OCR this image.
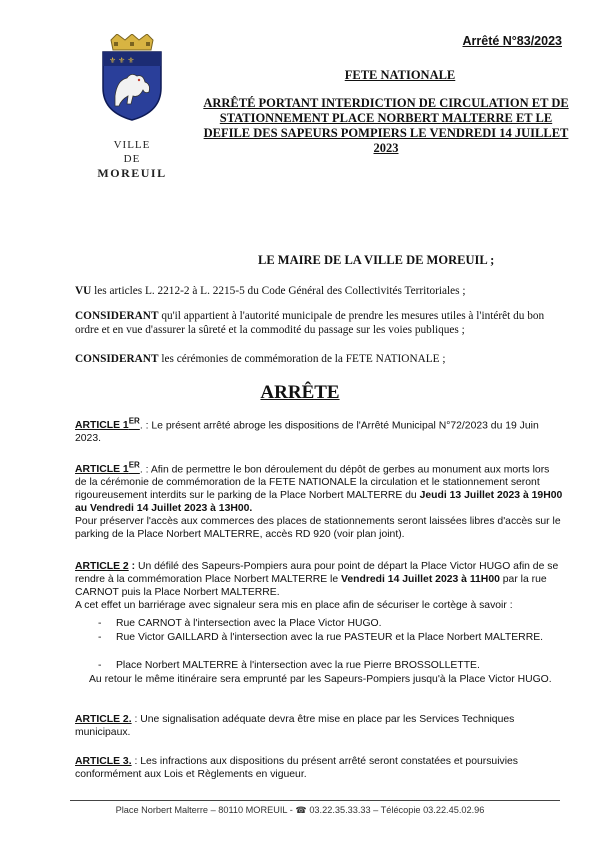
Arrêté N°83/2023
⚜ ⚜ ⚜
VILLE
DE
MOREUIL
FETE NATIONALE
ARRÊTÉ PORTANT INTERDICTION DE CIRCULATION ET DE STATIONNEMENT PLACE NORBERT MALTERRE ET LE DEFILE DES SAPEURS POMPIERS LE VENDREDI 14 JUILLET 2023
LE MAIRE DE LA VILLE DE MOREUIL ;
VU les articles L. 2212-2 à L. 2215-5 du Code Général des Collectivités Territoriales ;
CONSIDERANT qu'il appartient à l'autorité municipale de prendre les mesures utiles à l'intérêt du bon ordre et en vue d'assurer la sûreté et la commodité du passage sur les voies publiques ;
CONSIDERANT les cérémonies de commémoration de la FETE NATIONALE ;
ARRÊTE
ARTICLE 1ER. : Le présent arrêté abroge les dispositions de l'Arrêté Municipal N°72/2023 du 19 Juin 2023.
ARTICLE 1ER. : Afin de permettre le bon déroulement du dépôt de gerbes au monument aux morts lors de la cérémonie de commémoration de la FETE NATIONALE la circulation et le stationnement seront rigoureusement interdits sur le parking de la Place Norbert MALTERRE du Jeudi 13 Juillet 2023 à 19H00 au Vendredi 14 Juillet 2023 à 13H00.
Pour préserver l'accès aux commerces des places de stationnements seront laissées libres d'accès sur le parking de la Place Norbert MALTERRE, accès RD 920 (voir plan joint).
ARTICLE 2 : Un défilé des Sapeurs-Pompiers aura pour point de départ la Place Victor HUGO afin de se rendre à la commémoration Place Norbert MALTERRE le Vendredi 14 Juillet 2023 à 11H00 par la rue CARNOT puis la Place Norbert MALTERRE.
A cet effet un barriérage avec signaleur sera mis en place afin de sécuriser le cortège à savoir :
- Rue CARNOT à l'intersection avec la Place Victor HUGO.
- Rue Victor GAILLARD à l'intersection avec la rue PASTEUR et la Place Norbert MALTERRE.
- Place Norbert MALTERRE à l'intersection avec la rue Pierre BROSSOLLETTE.
Au retour le même itinéraire sera emprunté par les Sapeurs-Pompiers jusqu'à la Place Victor HUGO.
ARTICLE 2. : Une signalisation adéquate devra être mise en place par les Services Techniques municipaux.
ARTICLE 3. : Les infractions aux dispositions du présent arrêté seront constatées et poursuivies conformément aux Lois et Règlements en vigueur.
Place Norbert Malterre – 80110 MOREUIL - ☎ 03.22.35.33.33 – Télécopie 03.22.45.02.96
